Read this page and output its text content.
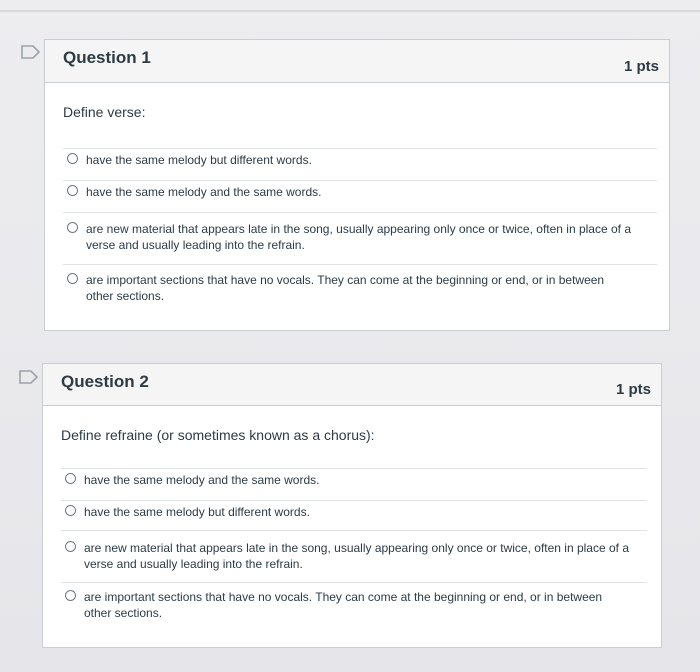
Question 1	1 pts
Define verse:
have the same melody but different words.
have the same melody and the same words.
are new material that appears late in the song, usually appearing only once or twice, often in place of a verse and usually leading into the refrain.
are important sections that have no vocals. They can come at the beginning or end, or in between other sections.
Question 2	1 pts
Define refraine (or sometimes known as a chorus):
have the same melody and the same words.
have the same melody but different words.
are new material that appears late in the song, usually appearing only once or twice, often in place of a verse and usually leading into the refrain.
are important sections that have no vocals. They can come at the beginning or end, or in between other sections.
